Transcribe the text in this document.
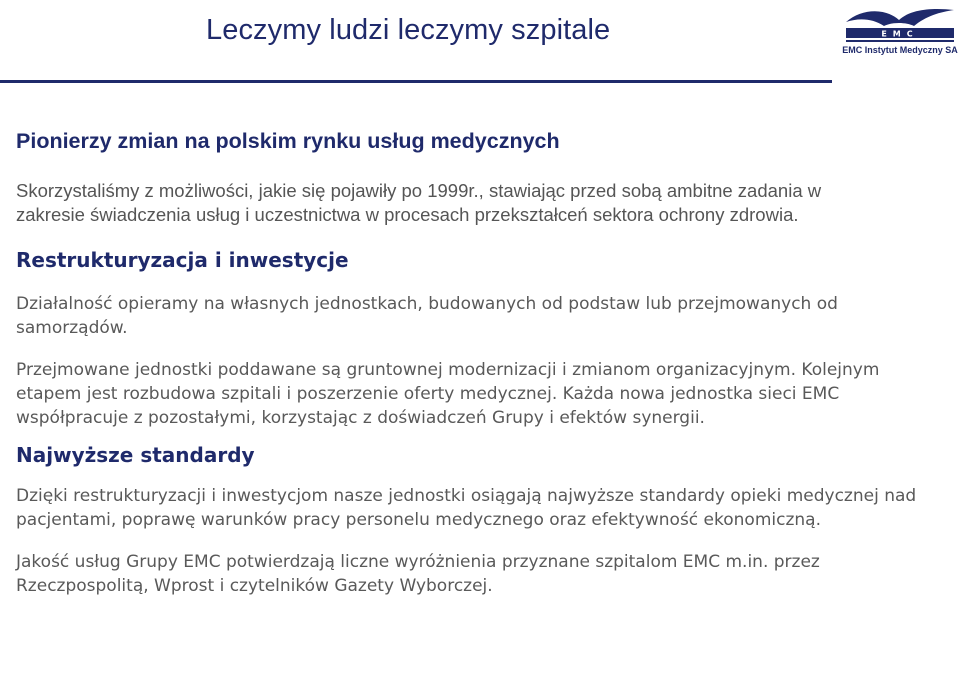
Leczymy ludzi leczymy szpitale	EMC
EMC Instytut Medyczny SA
Pionierzy zmian na polskim rynku usług medycznych

Skorzystaliśmy z możliwości, jakie się pojawiły po 1999r., stawiając przed sobą ambitne zadania w zakresie świadczenia usług i uczestnictwa w procesach przekształceń sektora ochrony zdrowia.

Restrukturyzacja i inwestycje

Działalność opieramy na własnych jednostkach, budowanych od podstaw lub przejmowanych od samorządów.

Przejmowane jednostki poddawane są gruntownej modernizacji i zmianom organizacyjnym. Kolejnym etapem jest rozbudowa szpitali i poszerzenie oferty medycznej. Każda nowa jednostka sieci EMC współpracuje z pozostałymi, korzystając z doświadczeń Grupy i efektów synergii.

Najwyższe standardy

Dzięki restrukturyzacji i inwestycjom nasze jednostki osiągają najwyższe standardy opieki medycznej nad pacjentami, poprawę warunków pracy personelu medycznego oraz efektywność ekonomiczną.

Jakość usług Grupy EMC potwierdzają liczne wyróżnienia przyznane szpitalom EMC m.in. przez Rzeczpospolitą, Wprost i czytelników Gazety Wyborczej.
